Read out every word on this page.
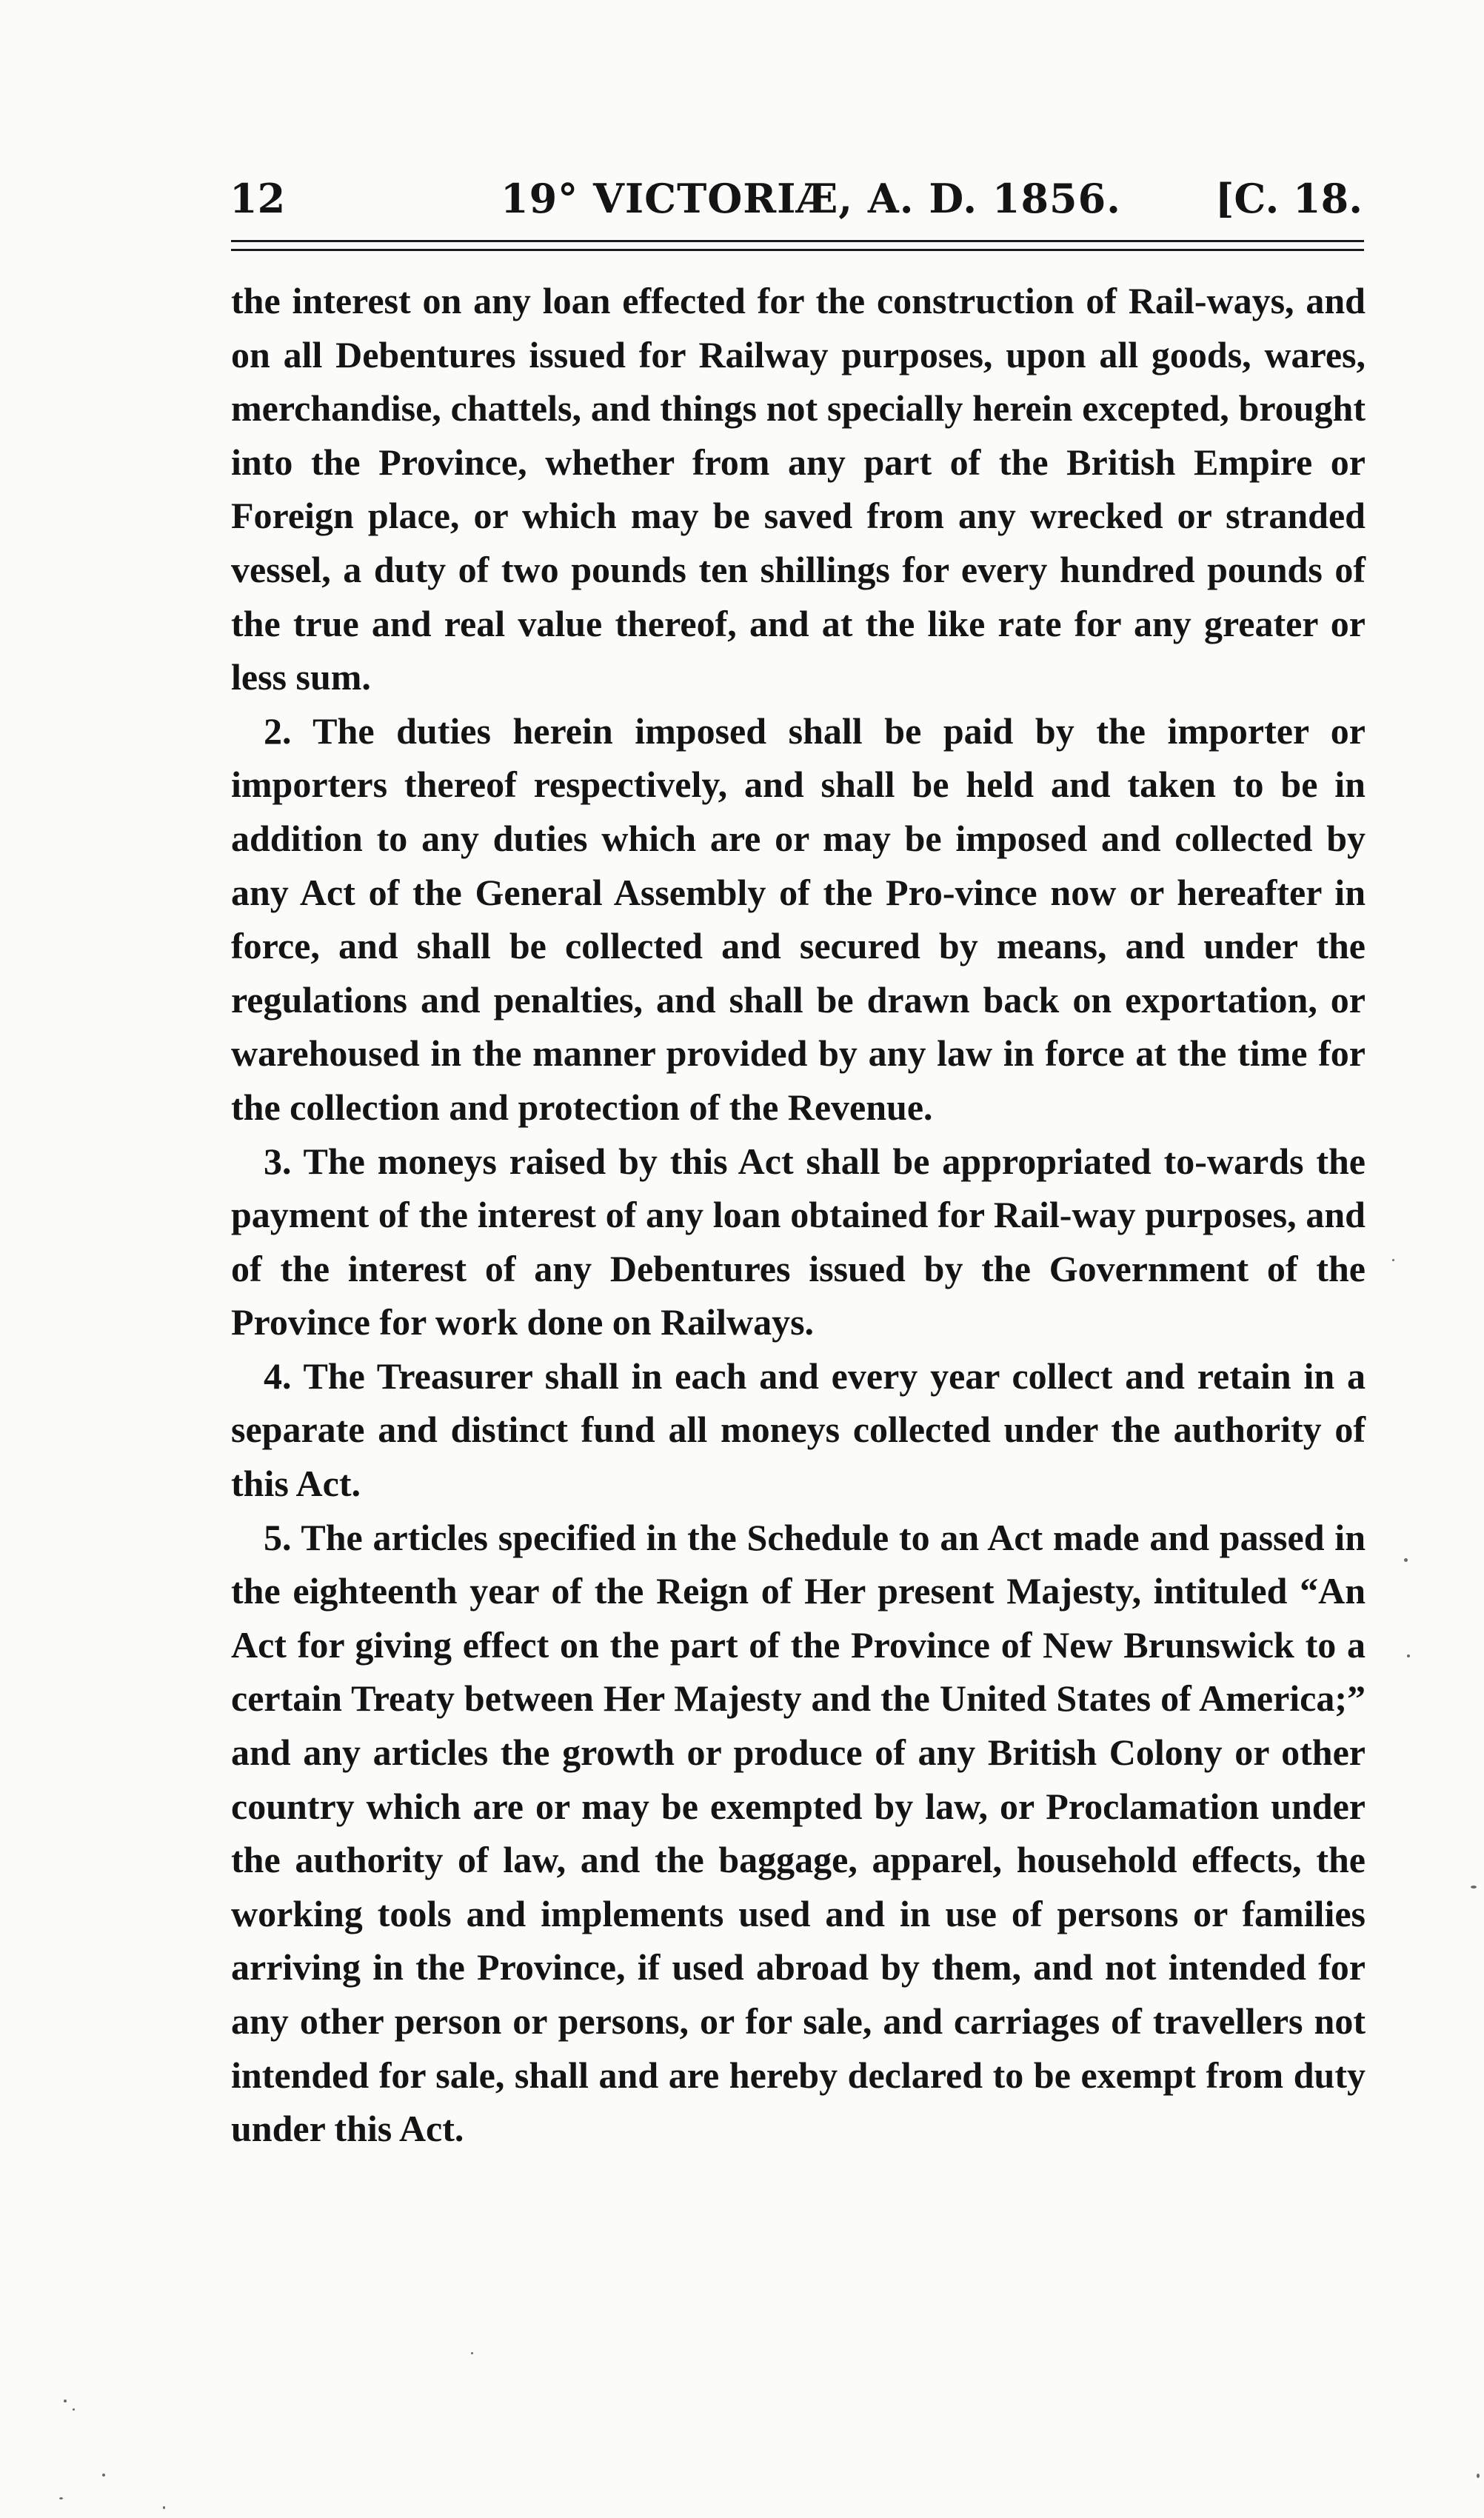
12	19° VICTORIÆ, A. D. 1856. [C. 18.

the interest on any loan effected for the construction of Rail-ways, and on all Debentures issued for Railway purposes, upon all goods, wares, merchandise, chattels, and things not specially herein excepted, brought into the Province, whether from any part of the British Empire or Foreign place, or which may be saved from any wrecked or stranded vessel, a duty of two pounds ten shillings for every hundred pounds of the true and real value thereof, and at the like rate for any greater or less sum.

2. The duties herein imposed shall be paid by the importer or importers thereof respectively, and shall be held and taken to be in addition to any duties which are or may be imposed and collected by any Act of the General Assembly of the Pro-vince now or hereafter in force, and shall be collected and secured by means, and under the regulations and penalties, and shall be drawn back on exportation, or warehoused in the manner provided by any law in force at the time for the collection and protection of the Revenue.

3. The moneys raised by this Act shall be appropriated to-wards the payment of the interest of any loan obtained for Rail-way purposes, and of the interest of any Debentures issued by the Government of the Province for work done on Railways.

4. The Treasurer shall in each and every year collect and retain in a separate and distinct fund all moneys collected under the authority of this Act.

5. The articles specified in the Schedule to an Act made and passed in the eighteenth year of the Reign of Her present Majesty, intituled “An Act for giving effect on the part of the Province of New Brunswick to a certain Treaty between Her Majesty and the United States of America;” and any articles the growth or produce of any British Colony or other country which are or may be exempted by law, or Proclamation under the authority of law, and the baggage, apparel, household effects, the working tools and implements used and in use of persons or families arriving in the Province, if used abroad by them, and not intended for any other person or persons, or for sale, and carriages of travellers not intended for sale, shall and are hereby declared to be exempt from duty under this Act.
